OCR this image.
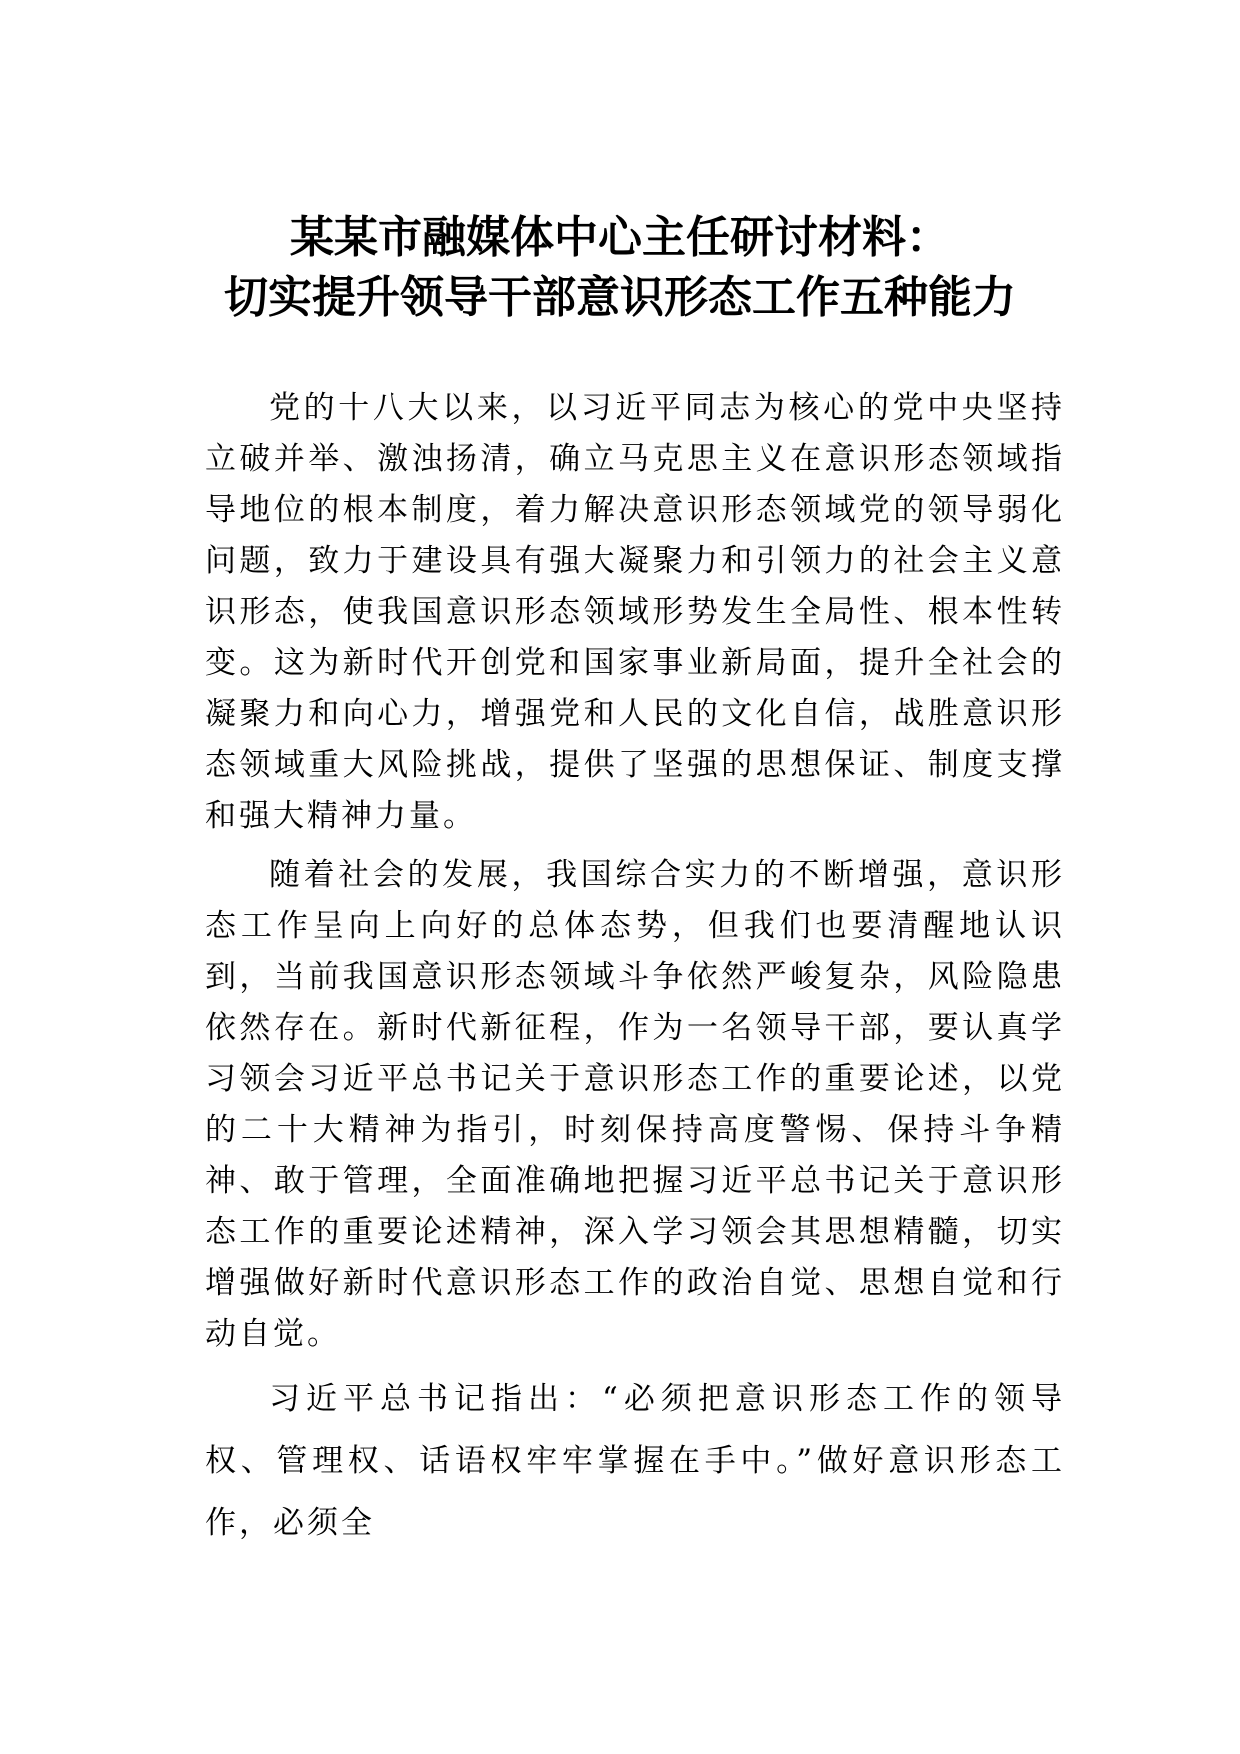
某某市融媒体中心主任研讨材料：
切实提升领导干部意识形态工作五种能力

党的十八大以来，以习近平同志为核心的党中央坚持立破并举、激浊扬清，确立马克思主义在意识形态领域指导地位的根本制度，着力解决意识形态领域党的领导弱化问题，致力于建设具有强大凝聚力和引领力的社会主义意识形态，使我国意识形态领域形势发生全局性、根本性转变。这为新时代开创党和国家事业新局面，提升全社会的凝聚力和向心力，增强党和人民的文化自信，战胜意识形态领域重大风险挑战，提供了坚强的思想保证、制度支撑和强大精神力量。

随着社会的发展，我国综合实力的不断增强，意识形态工作呈向上向好的总体态势，但我们也要清醒地认识到，当前我国意识形态领域斗争依然严峻复杂，风险隐患依然存在。新时代新征程，作为一名领导干部，要认真学习领会习近平总书记关于意识形态工作的重要论述，以党的二十大精神为指引，时刻保持高度警惕、保持斗争精神、敢于管理，全面准确地把握习近平总书记关于意识形态工作的重要论述精神，深入学习领会其思想精髓，切实增强做好新时代意识形态工作的政治自觉、思想自觉和行动自觉。

习近平总书记指出：“必须把意识形态工作的领导权、管理权、话语权牢牢掌握在手中。”做好意识形态工作，必须全
